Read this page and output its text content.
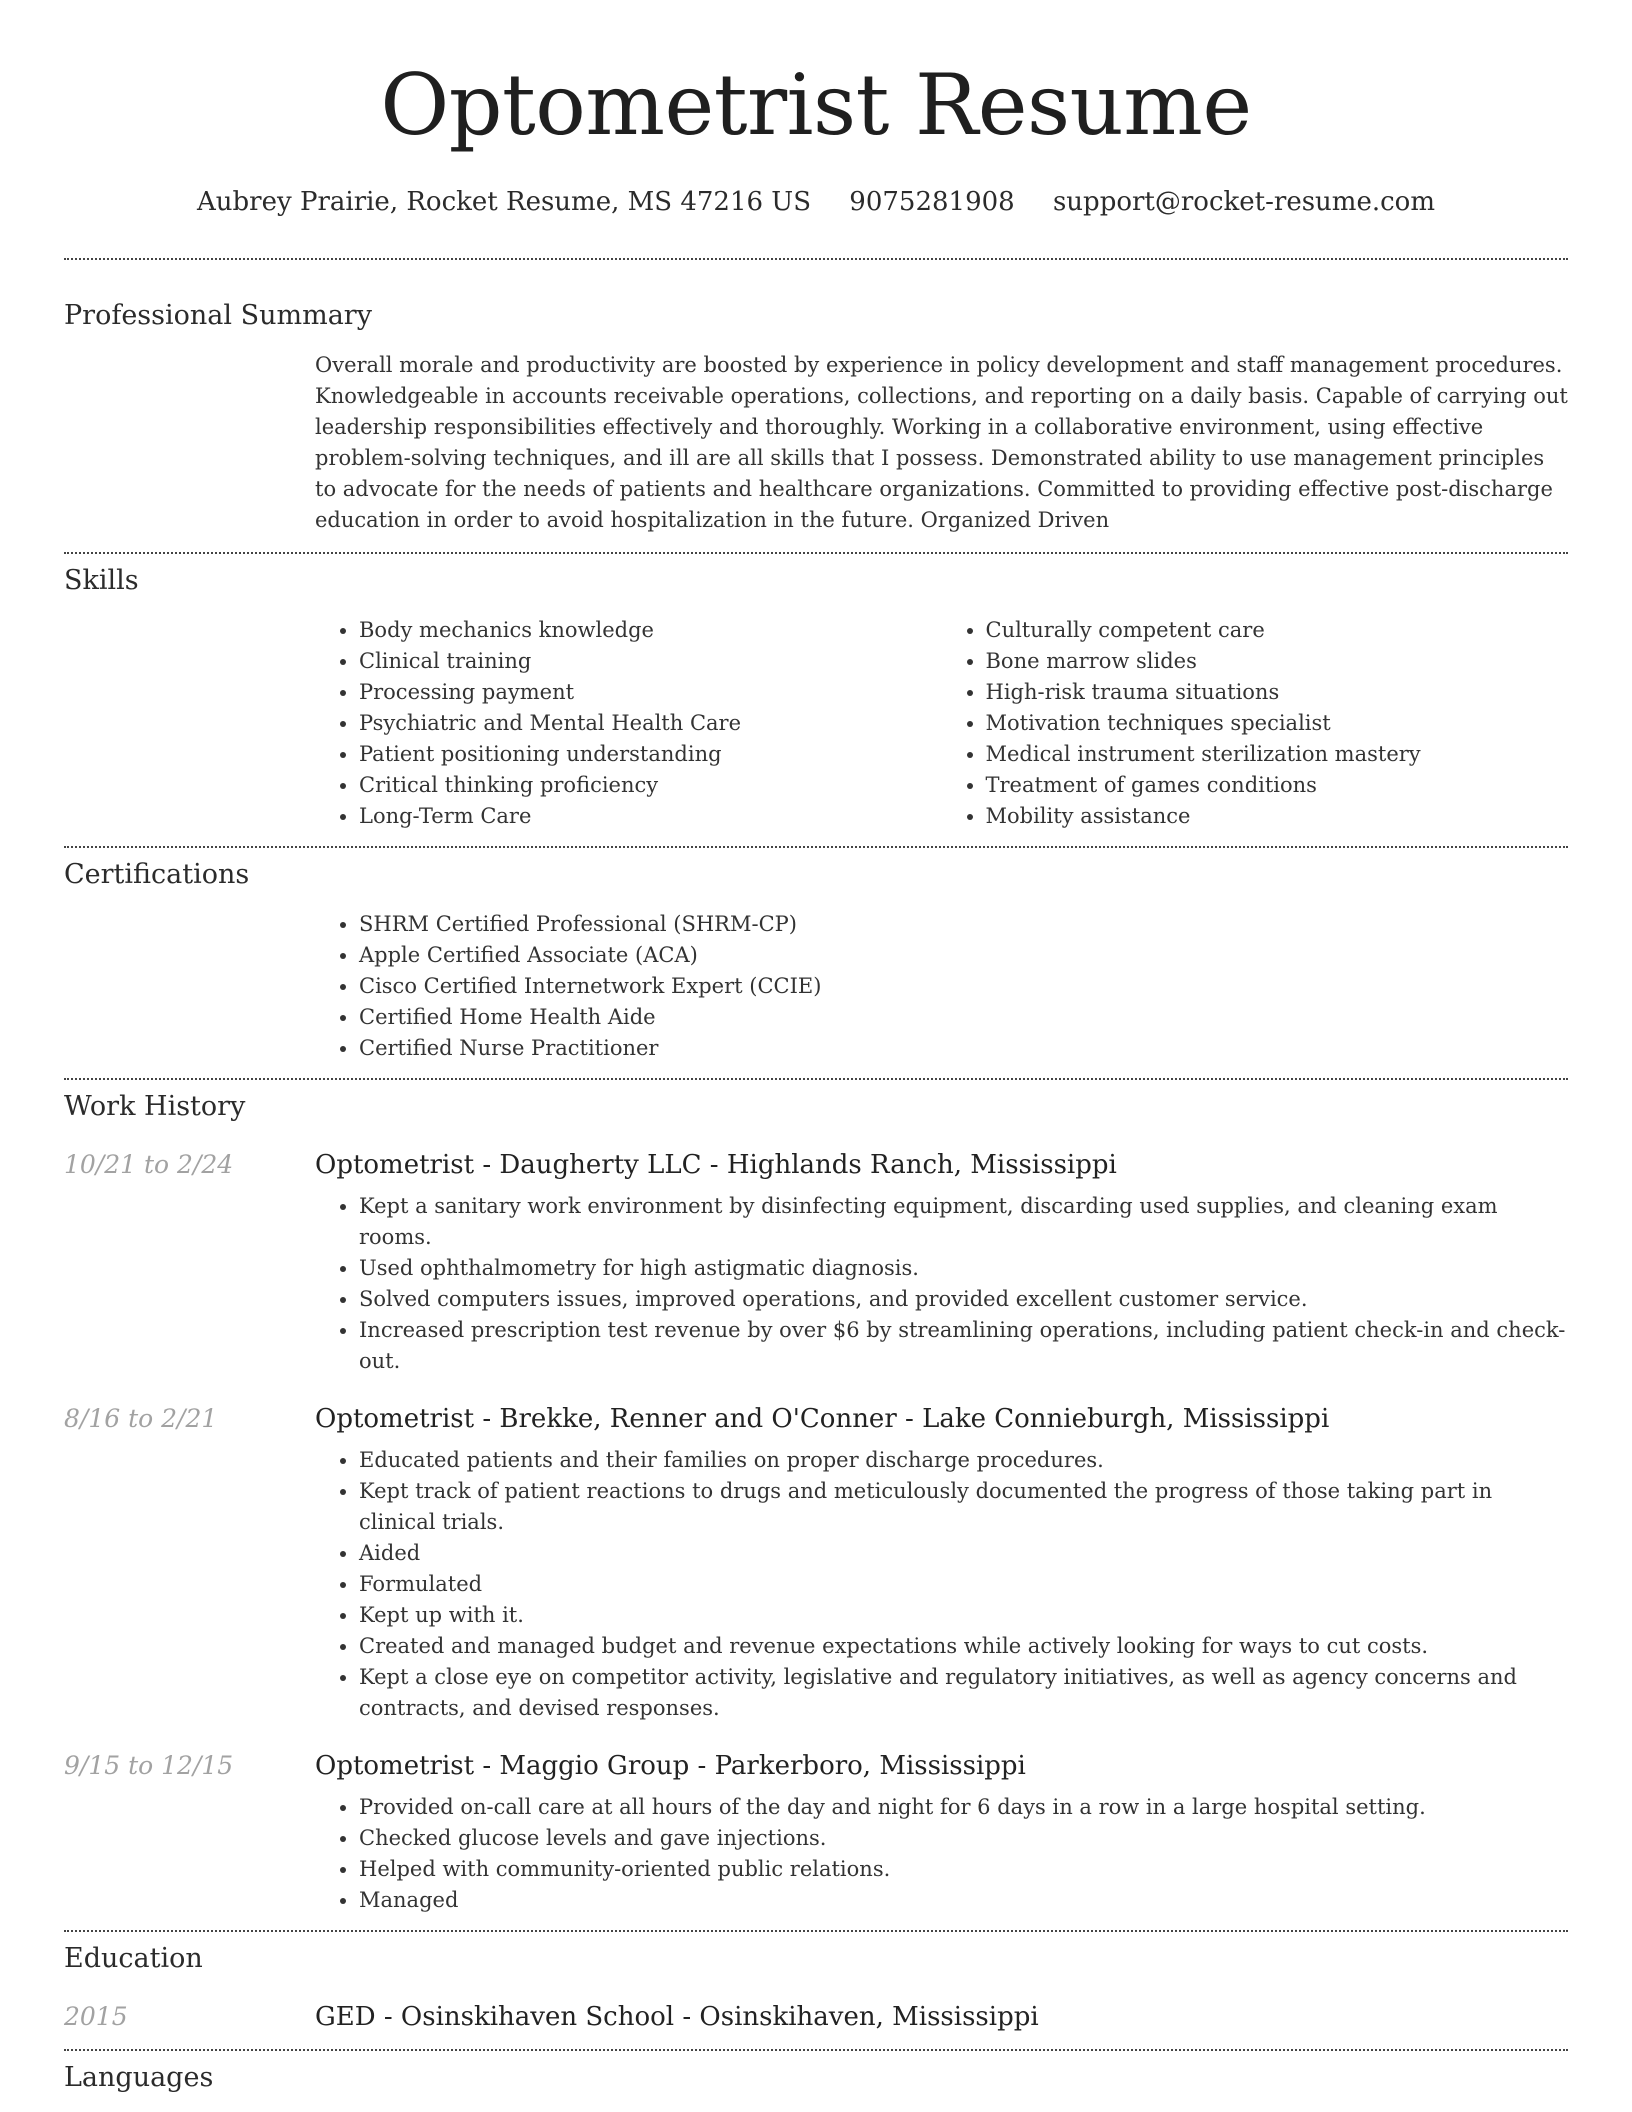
Optometrist Resume
Aubrey Prairie, Rocket Resume, MS 47216 US 9075281908 support@rocket-resume.com
Professional Summary
Overall morale and productivity are boosted by experience in policy development and staff management procedures. Knowledgeable in accounts receivable operations, collections, and reporting on a daily basis. Capable of carrying out leadership responsibilities effectively and thoroughly. Working in a collaborative environment, using effective problem-solving techniques, and ill are all skills that I possess. Demonstrated ability to use management principles to advocate for the needs of patients and healthcare organizations. Committed to providing effective post-discharge education in order to avoid hospitalization in the future. Organized Driven
Skills
• Body mechanics knowledge
• Clinical training
• Processing payment
• Psychiatric and Mental Health Care
• Patient positioning understanding
• Critical thinking proficiency
• Long-Term Care
• Culturally competent care
• Bone marrow slides
• High-risk trauma situations
• Motivation techniques specialist
• Medical instrument sterilization mastery
• Treatment of games conditions
• Mobility assistance
Certifications
• SHRM Certified Professional (SHRM-CP)
• Apple Certified Associate (ACA)
• Cisco Certified Internetwork Expert (CCIE)
• Certified Home Health Aide
• Certified Nurse Practitioner
Work History
10/21 to 2/24	Optometrist - Daugherty LLC - Highlands Ranch, Mississippi
• Kept a sanitary work environment by disinfecting equipment, discarding used supplies, and cleaning exam rooms.
• Used ophthalmometry for high astigmatic diagnosis.
• Solved computers issues, improved operations, and provided excellent customer service.
• Increased prescription test revenue by over $6 by streamlining operations, including patient check-in and check-out.
8/16 to 2/21	Optometrist - Brekke, Renner and O'Conner - Lake Connieburgh, Mississippi
• Educated patients and their families on proper discharge procedures.
• Kept track of patient reactions to drugs and meticulously documented the progress of those taking part in clinical trials.
• Aided
• Formulated
• Kept up with it.
• Created and managed budget and revenue expectations while actively looking for ways to cut costs.
• Kept a close eye on competitor activity, legislative and regulatory initiatives, as well as agency concerns and contracts, and devised responses.
9/15 to 12/15	Optometrist - Maggio Group - Parkerboro, Mississippi
• Provided on-call care at all hours of the day and night for 6 days in a row in a large hospital setting.
• Checked glucose levels and gave injections.
• Helped with community-oriented public relations.
• Managed
Education
2015	GED - Osinskihaven School - Osinskihaven, Mississippi
Languages
